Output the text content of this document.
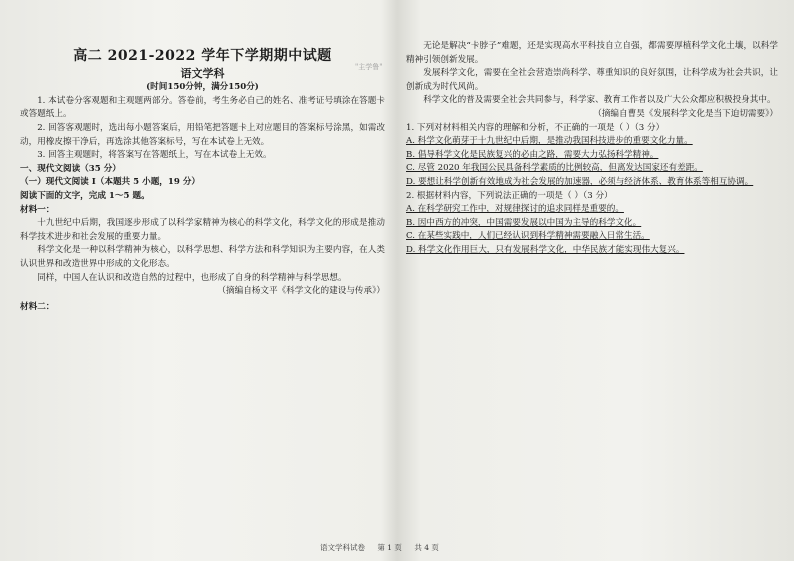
"主学鲁"
高二 2021-2022 学年下学期期中试题
语文学科
(时间150分钟，满分150分)

1. 本试卷分客观题和主观题两部分。答卷前，考生务必自己的姓名、准考证号填涂在答题卡或答题纸上。

2. 回答客观题时，选出每小题答案后，用铅笔把答题卡上对应题目的答案标号涂黑，如需改动，用橡皮擦干净后，再选涂其他答案标号，写在本试卷上无效。

3. 回答主观题时，将答案写在答题纸上，写在本试卷上无效。

一、现代文阅读（35 分）

（一）现代文阅读 I（本题共 5 小题，19 分）

阅读下面的文字，完成 1～5 题。

材料一：

十九世纪中后期，我国逐步形成了以科学家精神为核心的科学文化，科学文化的形成是推动科学技术进步和社会发展的重要力量。

科学文化是一种以科学精神为核心，以科学思想、科学方法和科学知识为主要内容，在人类认识世界和改造世界中形成的文化形态。

同样，中国人在认识和改造自然的过程中，也形成了自身的科学精神与科学思想。

（摘编自杨文平《科学文化的建设与传承》）

材料二：

无论是解决“卡脖子”难题，还是实现高水平科技自立自强，都需要厚植科学文化土壤，以科学精神引领创新发展。

发展科学文化，需要在全社会营造崇尚科学、尊重知识的良好氛围，让科学成为社会共识，让创新成为时代风尚。

科学文化的普及需要全社会共同参与，科学家、教育工作者以及广大公众都应积极投身其中。

（摘编自曹昊《发展科学文化是当下迫切需要》）

1. 下列对材料相关内容的理解和分析，不正确的一项是（ ）（3 分）

A. 科学文化萌芽于十九世纪中后期，是推动我国科技进步的重要文化力量。

B. 倡导科学文化是民族复兴的必由之路，需要大力弘扬科学精神。

C. 尽管 2020 年我国公民具备科学素质的比例较高，但离发达国家还有差距。

D. 要想让科学创新有效地成为社会发展的加速器，必须与经济体系、教育体系等相互协调。

2. 根据材料内容，下列说法正确的一项是（ ）（3 分）

A. 在科学研究工作中，对规律探讨的追求同样是重要的。

B. 因中西方的冲突，中国需要发展以中国为主导的科学文化。

C. 在某些实践中，人们已经认识到科学精神需要融入日常生活。

D. 科学文化作用巨大，只有发展科学文化，中华民族才能实现伟大复兴。

语文学科试卷 第 1 页 共 4 页
